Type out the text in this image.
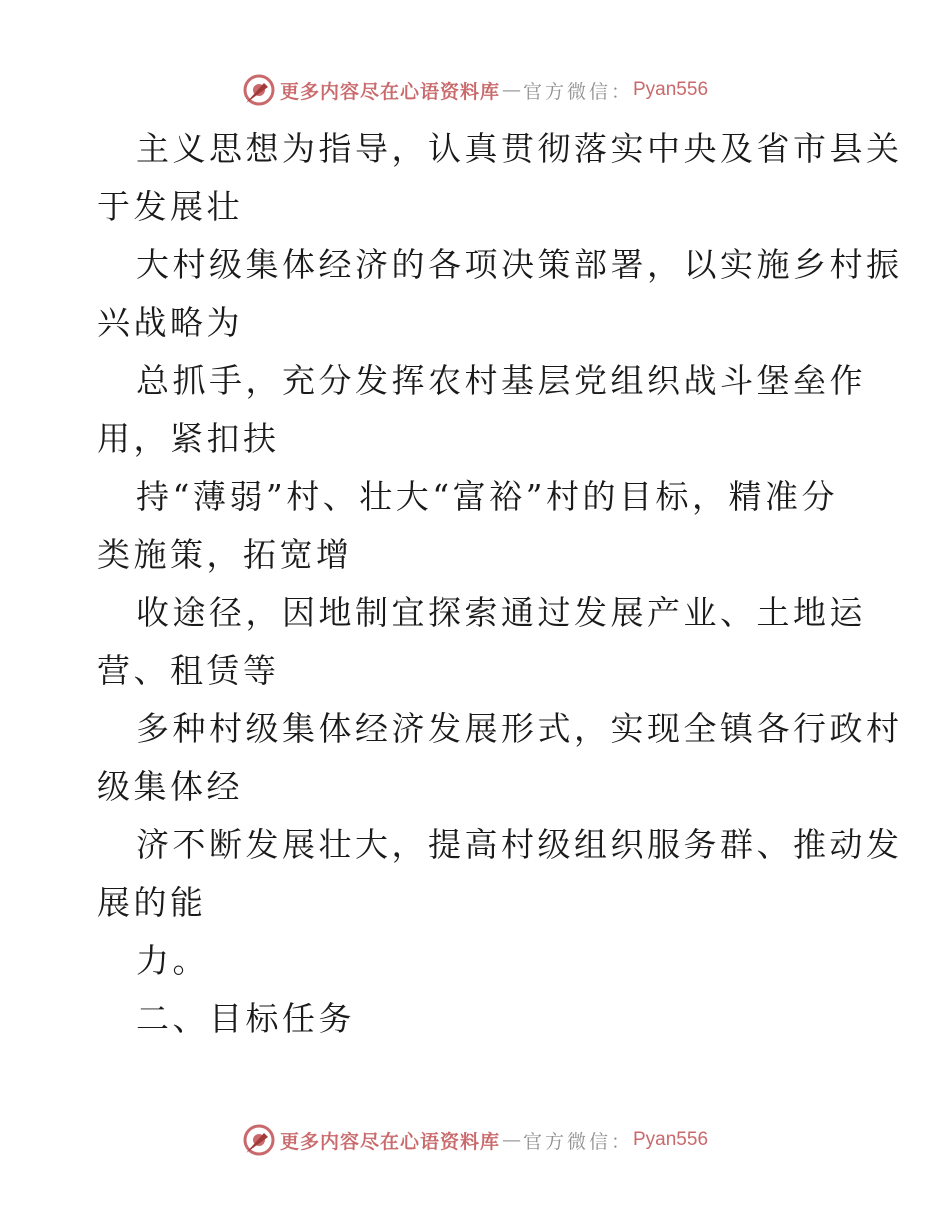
更多内容尽在心语资料库 — 官方微信： Pyan556
主义思想为指导，认真贯彻落实中央及省市县关
于发展壮
大村级集体经济的各项决策部署，以实施乡村振
兴战略为
总抓手，充分发挥农村基层党组织战斗堡垒作
用，紧扣扶
持“薄弱”村、壮大“富裕”村的目标，精准分
类施策，拓宽增
收途径，因地制宜探索通过发展产业、土地运
营、租赁等
多种村级集体经济发展形式，实现全镇各行政村
级集体经
济不断发展壮大，提高村级组织服务群、推动发
展的能
力。
二、目标任务
更多内容尽在心语资料库 — 官方微信： Pyan556
